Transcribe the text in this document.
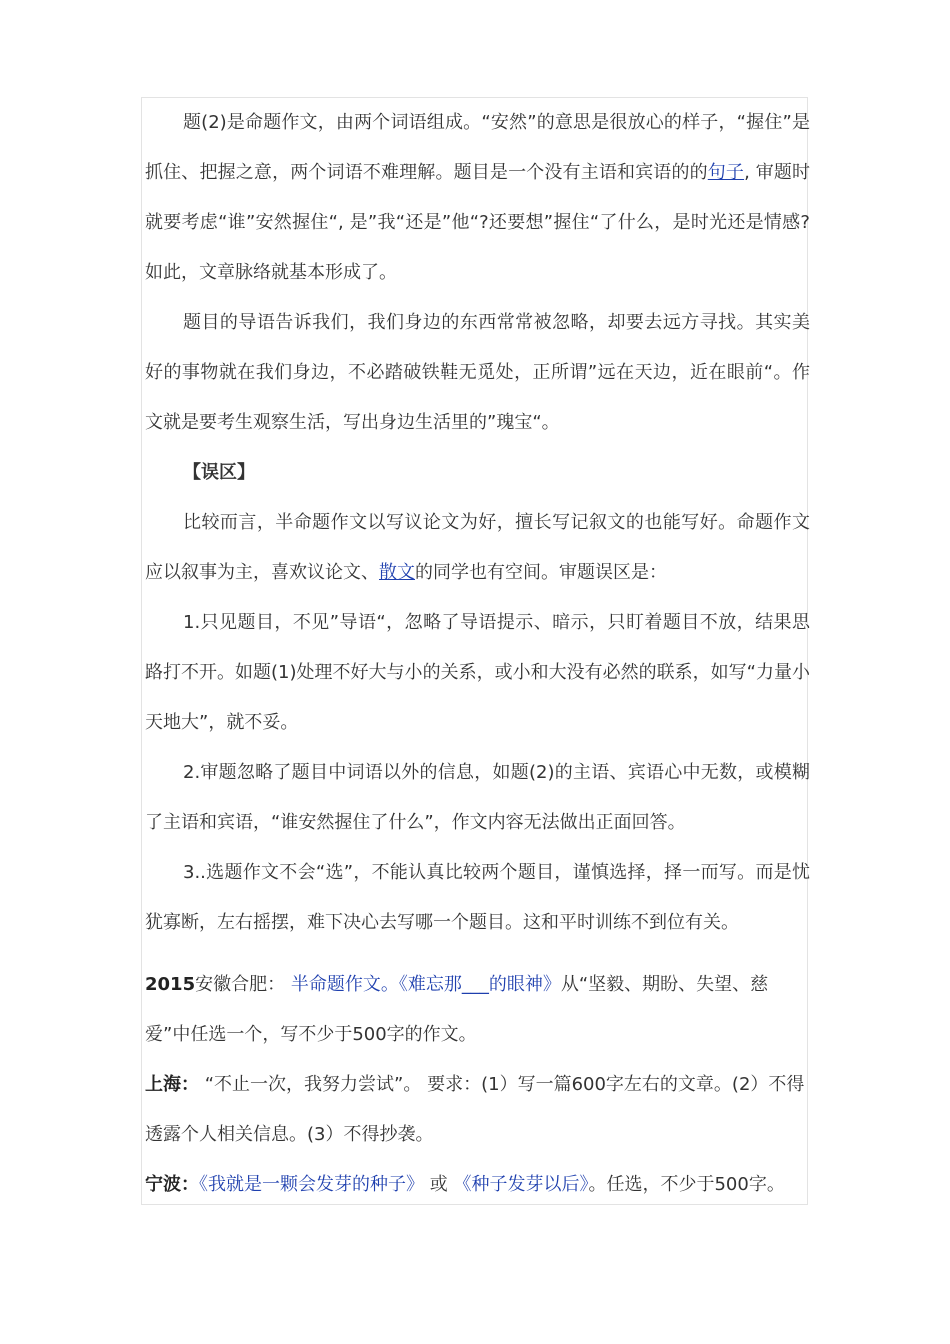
题(2)是命题作文，由两个词语组成。“安然”的意思是很放心的样子，“握住”是抓住、把握之意，两个词语不难理解。题目是一个没有主语和宾语的的句子, 审题时就要考虑“谁”安然握住“, 是”我“还是”他“?还要想”握住“了什么，是时光还是情感?如此，文章脉络就基本形成了。

题目的导语告诉我们，我们身边的东西常常被忽略，却要去远方寻找。其实美好的事物就在我们身边，不必踏破铁鞋无觅处，正所谓”远在天边，近在眼前“。作文就是要考生观察生活，写出身边生活里的”瑰宝“。

【误区】

比较而言，半命题作文以写议论文为好，擅长写记叙文的也能写好。命题作文应以叙事为主，喜欢议论文、散文的同学也有空间。审题误区是：

1.只见题目，不见”导语“，忽略了导语提示、暗示，只盯着题目不放，结果思路打不开。如题(1)处理不好大与小的关系，或小和大没有必然的联系，如写“力量小天地大”，就不妥。

2.审题忽略了题目中词语以外的信息，如题(2)的主语、宾语心中无数，或模糊了主语和宾语，“谁安然握住了什么”，作文内容无法做出正面回答。

3..选题作文不会“选”，不能认真比较两个题目，谨慎选择，择一而写。而是忧犹寡断，左右摇摆，难下决心去写哪一个题目。这和平时训练不到位有关。

2015安徽合肥： 半命题作文。《难忘那___的眼神》从“坚毅、期盼、失望、慈爱”中任选一个，写不少于500字的作文。

上海： “不止一次，我努力尝试”。 要求：(1）写一篇600字左右的文章。(2）不得透露个人相关信息。(3）不得抄袭。

宁波：《我就是一颗会发芽的种子》 或 《种子发芽以后》。任选，不少于500字。
